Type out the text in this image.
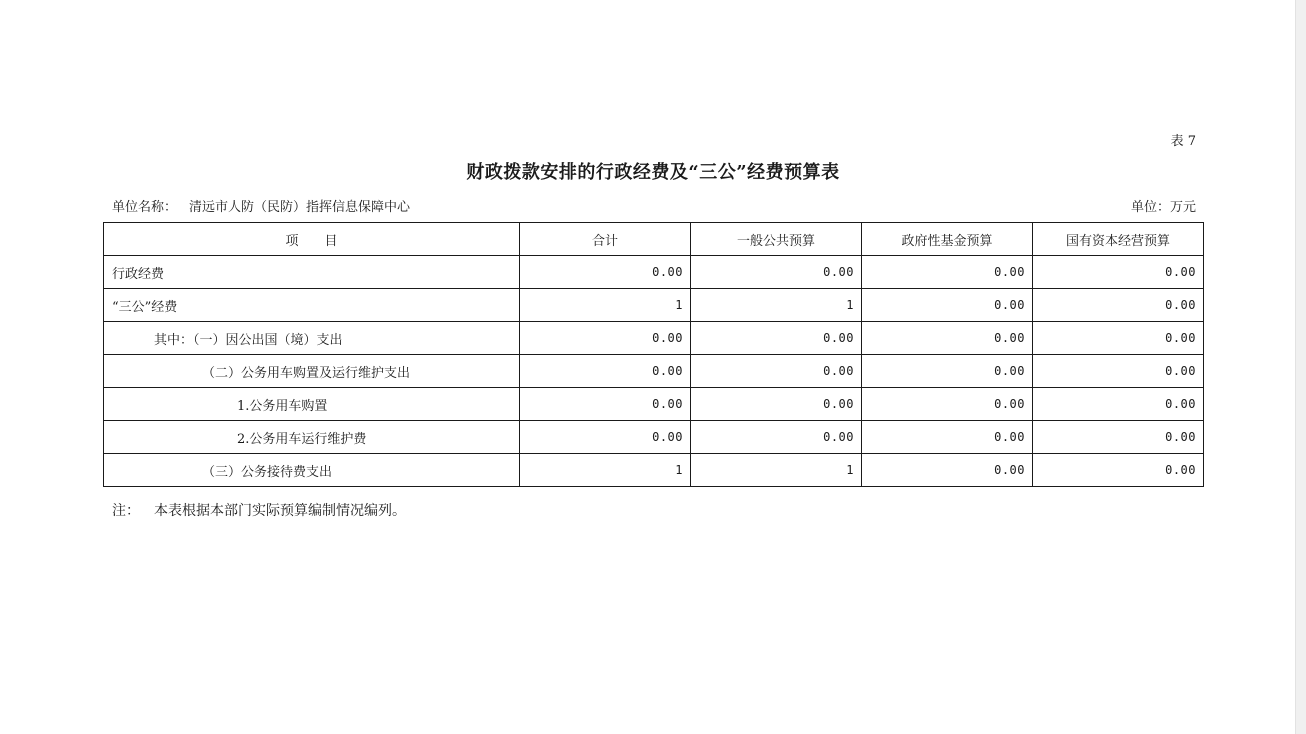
表 7
财政拨款安排的行政经费及“三公”经费预算表
单位名称： 清远市人防（民防）指挥信息保障中心	单位：万元
项　　目	合计	一般公共预算	政府性基金预算	国有资本经营预算
行政经费	0.00	0.00	0.00	0.00
“三公”经费	1	1	0.00	0.00
其中：（一）因公出国（境）支出	0.00	0.00	0.00	0.00
（二）公务用车购置及运行维护支出	0.00	0.00	0.00	0.00
1.公务用车购置	0.00	0.00	0.00	0.00
2.公务用车运行维护费	0.00	0.00	0.00	0.00
（三）公务接待费支出	1	1	0.00	0.00
注： 本表根据本部门实际预算编制情况编列。
